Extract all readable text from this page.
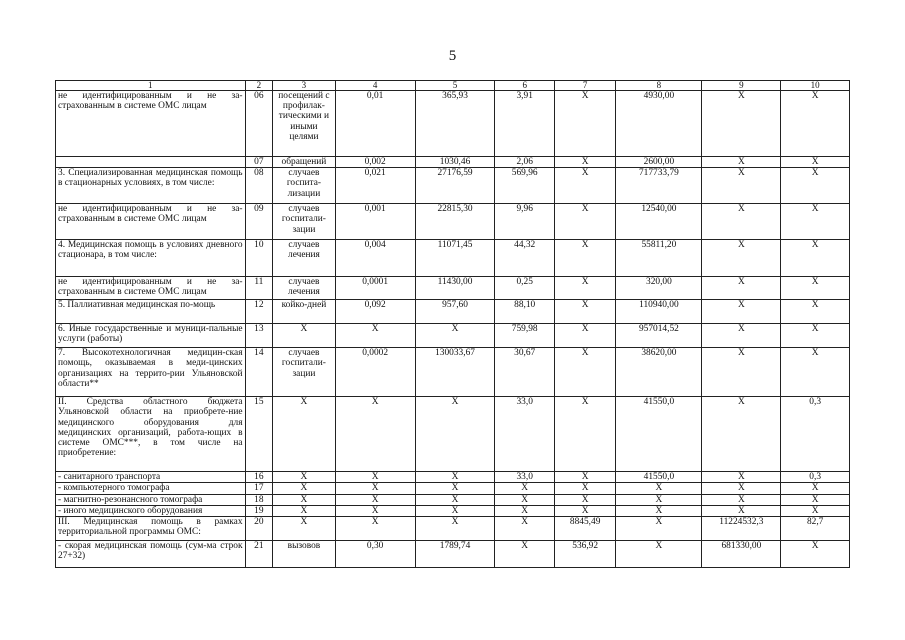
5
1	2	3	4	5	6	7	8	9	10
не идентифицированным и не за-страхованным в системе ОМС лицам	06	посещений с профилак-тическими и иными целями	0,01	365,93	3,91	X	4930,00	X	X
	07	обращений	0,002	1030,46	2,06	X	2600,00	X	X
3. Специализированная медицинская помощь в стационарных условиях, в том числе:	08	случаев госпита-лизации	0,021	27176,59	569,96	X	717733,79	X	X
не идентифицированным и не за-страхованным в системе ОМС лицам	09	случаев госпитали-зации	0,001	22815,30	9,96	X	12540,00	X	X
4. Медицинская помощь в условиях дневного стационара, в том числе:	10	случаев лечения	0,004	11071,45	44,32	X	55811,20	X	X
не идентифицированным и не за-страхованным в системе ОМС лицам	11	случаев лечения	0,0001	11430,00	0,25	X	320,00	X	X
5. Паллиативная медицинская по-мощь	12	койко-дней	0,092	957,60	88,10	X	110940,00	X	X
6. Иные государственные и муници-пальные услуги (работы)	13	X	X	X	759,98	X	957014,52	X	X
7. Высокотехнологичная медицин-ская помощь, оказываемая в меди-цинских организациях на террито-рии Ульяновской области**	14	случаев госпитали-зации	0,0002	130033,67	30,67	X	38620,00	X	X
II. Средства областного бюджета Ульяновской области на приобрете-ние медицинского оборудования для медицинских организаций, работа-ющих в системе ОМС***, в том числе на приобретение:	15	X	X	X	33,0	X	41550,0	X	0,3
- санитарного транспорта	16	X	X	X	33,0	X	41550,0	X	0,3
- компьютерного томографа	17	X	X	X	X	X	X	X	X
- магнитно-резонансного томографа	18	X	X	X	X	X	X	X	X
- иного медицинского оборудования	19	X	X	X	X	X	X	X	X
III. Медицинская помощь в рамках территориальной программы ОМС:	20	X	X	X	X	8845,49	X	11224532,3	82,7
- скорая медицинская помощь (сум-ма строк 27+32)	21	вызовов	0,30	1789,74	X	536,92	X	681330,00	X
